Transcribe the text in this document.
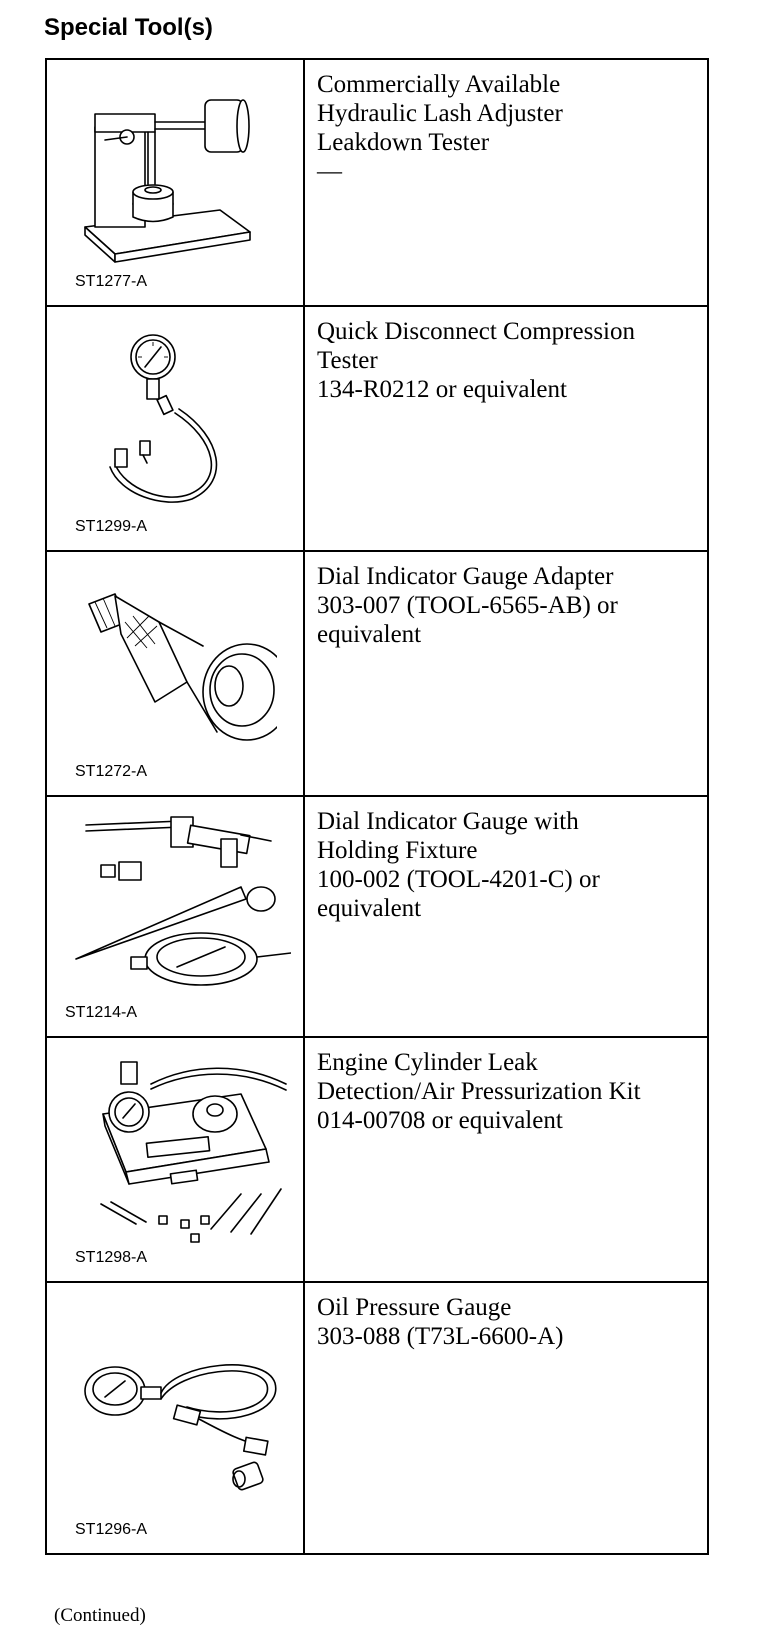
Special Tool(s)
ST1277-A	Commercially Available
Hydraulic Lash Adjuster
Leakdown Tester
—

ST1299-A	Quick Disconnect Compression
Tester
134-R0212 or equivalent

ST1272-A	Dial Indicator Gauge Adapter
303-007 (TOOL-6565-AB) or
equivalent

ST1214-A	Dial Indicator Gauge with
Holding Fixture
100-002 (TOOL-4201-C) or
equivalent

ST1298-A	Engine Cylinder Leak
Detection/Air Pressurization Kit
014-00708 or equivalent

ST1296-A	Oil Pressure Gauge
303-088 (T73L-6600-A)
(Continued)
